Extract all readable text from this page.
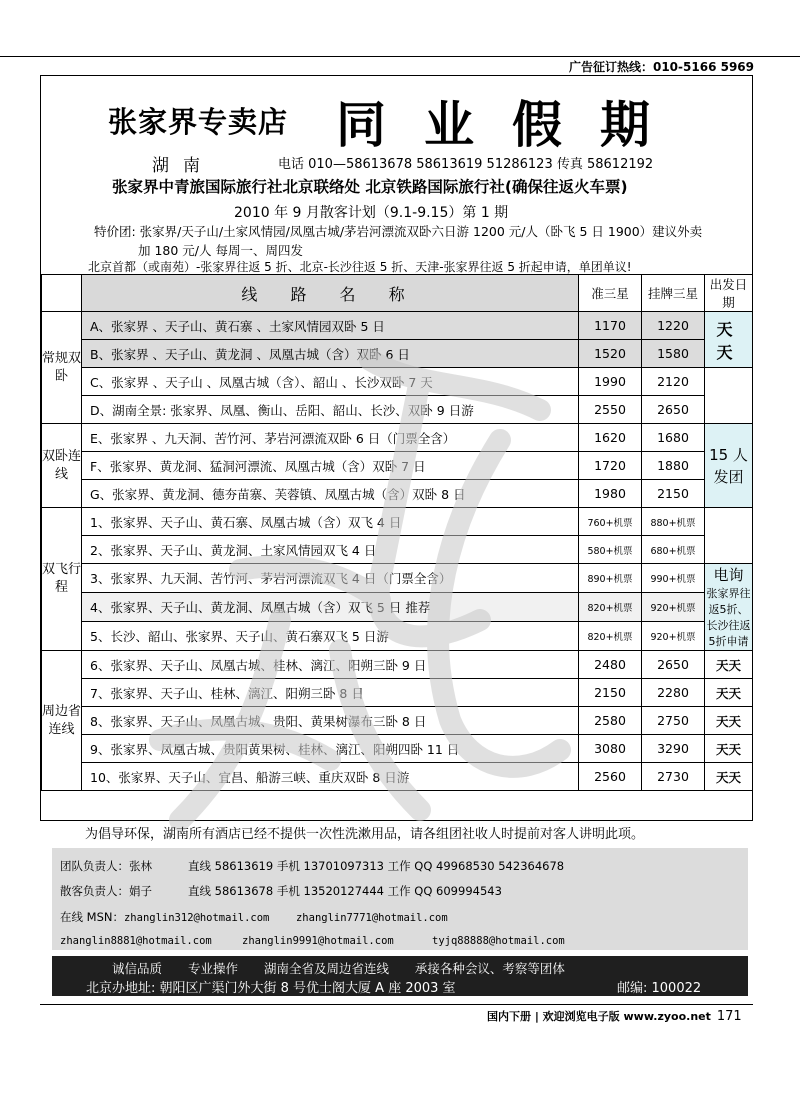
广告征订热线：010-5166 5969
张家界专卖店 同业假期
湖南	电话 010—58613678 58613619 51286123 传真 58612192
张家界中青旅国际旅行社北京联络处 北京铁路国际旅行社(确保往返火车票)
2010 年 9 月散客计划（9.1-9.15）第 1 期
特价团: 张家界/天子山/土家风情园/凤凰古城/茅岩河漂流双卧六日游 1200 元/人（卧飞 5 日 1900）建议外卖
加 180 元/人 每周一、周四发
北京首都（或南苑）-张家界往返 5 折、北京-长沙往返 5 折、天津-张家界往返 5 折起申请，单团单议!
	线 路 名 称	准三星	挂牌三星	出发日期
常规双卧	A、张家界 、天子山、黄石寨 、土家风情园双卧 5 日	1170	1220	天天
	B、张家界 、天子山、黄龙洞 、凤凰古城（含）双卧 6 日	1520	1580	
	C、张家界 、天子山 、凤凰古城（含）、韶山 、长沙双卧 7 天	1990	2120	
	D、湖南全景: 张家界、凤凰、衡山、岳阳、韶山、长沙、双卧 9 日游	2550	2650	
双卧连线	E、张家界 、九天洞、苦竹河、茅岩河漂流双卧 6 日（门票全含）	1620	1680	15 人
发团

	F、张家界、黄龙洞、猛洞河漂流、凤凰古城（含）双卧 7 日	1720	1880	
	G、张家界、黄龙洞、德夯苗寨、芙蓉镇、凤凰古城（含）双卧 8 日	1980	2150	
双飞行程	1、张家界、天子山、黄石寨、凤凰古城（含）双飞 4 日	760+机票	880+机票	
	2、张家界、天子山、黄龙洞、土家风情园双飞 4 日	580+机票	680+机票	
	3、张家界、九天洞、苦竹河、茅岩河漂流双飞 4 日（门票全含）	890+机票	990+机票	电询
张家界往返5折、长沙往返5折申请

	4、张家界、天子山、黄龙洞、凤凰古城（含）双飞 5 日 推荐	820+机票	920+机票	
	5、长沙、韶山、张家界、天子山、黄石寨双飞 5 日游	820+机票	920+机票	
周边省连线	6、张家界、天子山、凤凰古城、桂林、漓江、阳朔三卧 9 日	2480	2650	天天
	7、张家界、天子山、桂林、漓江、阳朔三卧 8 日	2150	2280	天天
	8、张家界、天子山、凤凰古城、贵阳、黄果树瀑布三卧 8 日	2580	2750	天天
	9、张家界、凤凰古城、贵阳黄果树、桂林、漓江、阳朔四卧 11 日	3080	3290	天天
	10、张家界、天子山、宜昌、船游三峡、重庆双卧 8 日游	2560	2730	天天
为倡导环保，湖南所有酒店已经不提供一次性洗漱用品，请各组团社收人时提前对客人讲明此项。
团队负责人：张林	直线 58613619 手机 13701097313 工作 QQ 49968530 542364678
散客负责人：娟子	直线 58613678 手机 13520127444 工作 QQ 609994543
在线 MSN：zhanglin312@hotmail.com	zhanglin7771@hotmail.com
zhanglin8881@hotmail.com	zhanglin9991@hotmail.com	tyjq88888@hotmail.com
诚信品质 专业操作 湖南全省及周边省连线 承接各种会议、考察等团体
北京办地址: 朝阳区广渠门外大街 8 号优士阁大厦 A 座 2003 室	邮编: 100022
国内下册 | 欢迎浏览电子版 www.zyoo.net 171
